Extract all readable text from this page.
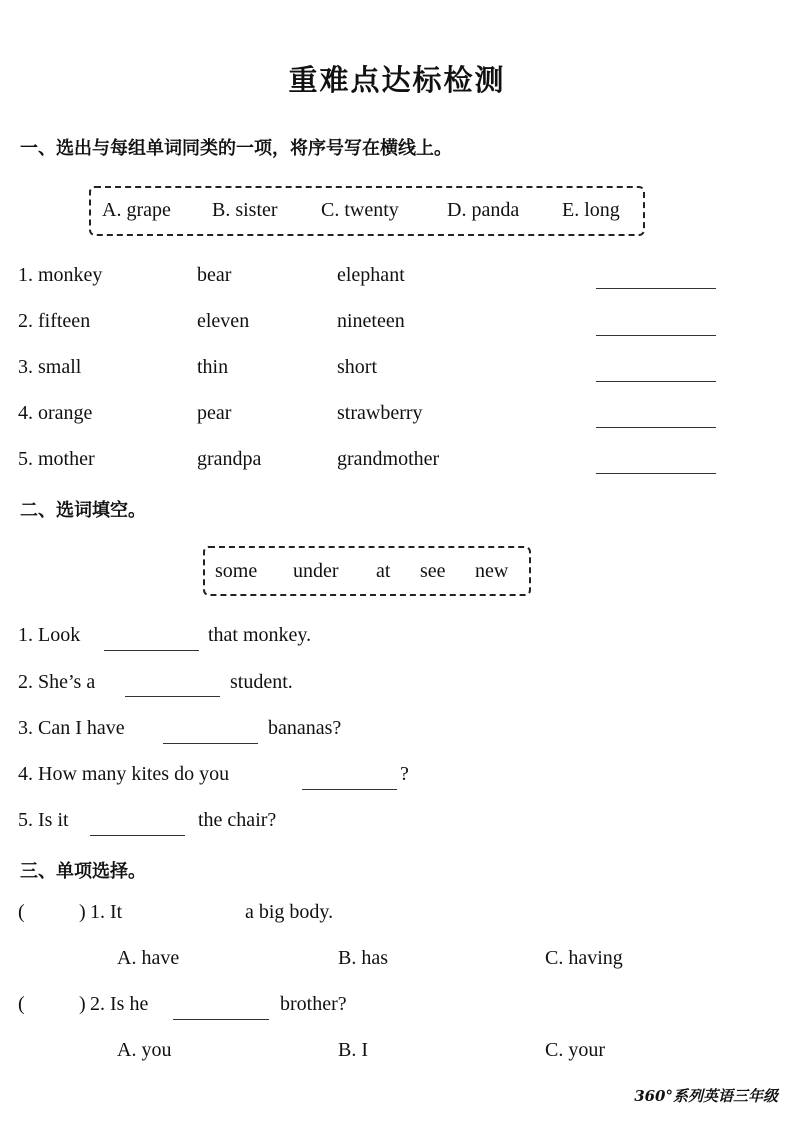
重难点达标检测
一、选出与每组单词同类的一项，将序号写在横线上。
A. grape B. sister C. twenty D. panda E. long
1. monkey	bear	elephant
2. fifteen	eleven	nineteen
3. small	thin	short
4. orange	pear	strawberry
5. mother	grandpa	grandmother
二、选词填空。
some under at see new
1. Look	that monkey.
2. She’s a	student.
3. Can I have	bananas?
4. How many kites do you	?
5. Is it	the chair?
三、单项选择。
(	) 1. It	a big body.
A. have	B. has	C. having
(	) 2. Is he	brother?
A. you	B. I	C. your
360°系列英语三年级
